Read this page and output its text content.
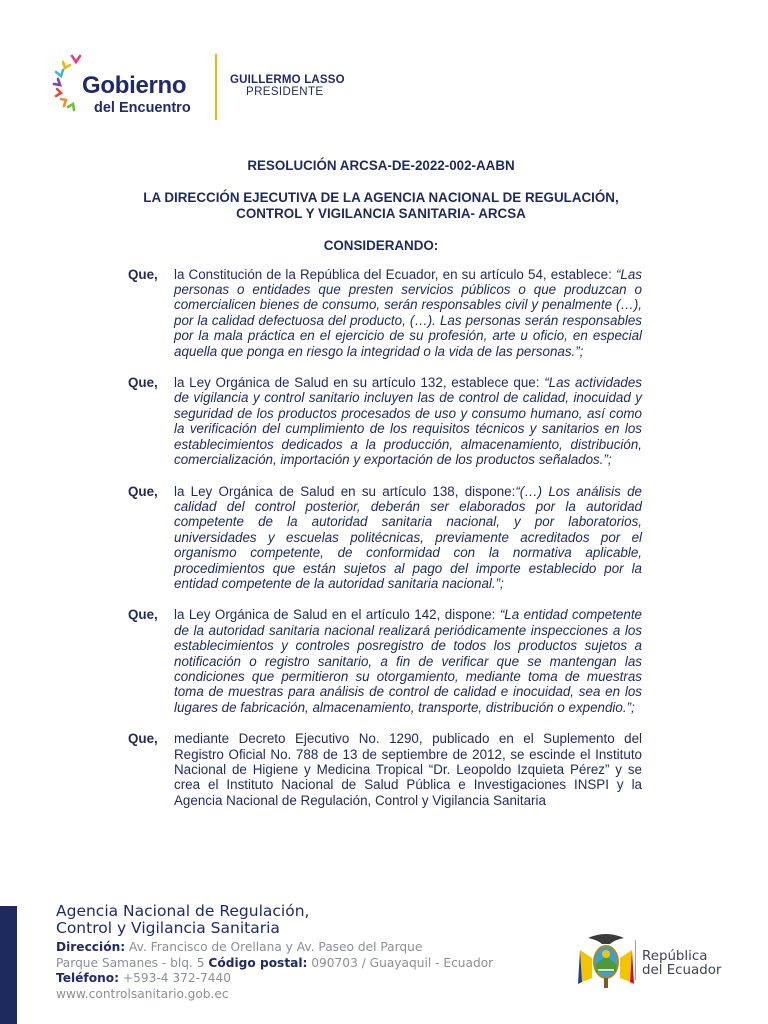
Gobierno
del Encuentro
GUILLERMO LASSO
PRESIDENTE
RESOLUCIÓN ARCSA-DE-2022-002-AABN
LA DIRECCIÓN EJECUTIVA DE LA AGENCIA NACIONAL DE REGULACIÓN, CONTROL Y VIGILANCIA SANITARIA- ARCSA
CONSIDERANDO:
Que, la Constitución de la República del Ecuador, en su artículo 54, establece: “Las personas o entidades que presten servicios públicos o que produzcan o comercialicen bienes de consumo, serán responsables civil y penalmente (…), por la calidad defectuosa del producto, (…). Las personas serán responsables por la mala práctica en el ejercicio de su profesión, arte u oficio, en especial aquella que ponga en riesgo la integridad o la vida de las personas.”;
Que, la Ley Orgánica de Salud en su artículo 132, establece que: “Las actividades de vigilancia y control sanitario incluyen las de control de calidad, inocuidad y seguridad de los productos procesados de uso y consumo humano, así como la verificación del cumplimiento de los requisitos técnicos y sanitarios en los establecimientos dedicados a la producción, almacenamiento, distribución, comercialización, importación y exportación de los productos señalados.”;
Que, la Ley Orgánica de Salud en su artículo 138, dispone:“(…) Los análisis de calidad del control posterior, deberán ser elaborados por la autoridad competente de la autoridad sanitaria nacional, y por laboratorios, universidades y escuelas politécnicas, previamente acreditados por el organismo competente, de conformidad con la normativa aplicable, procedimientos que están sujetos al pago del importe establecido por la entidad competente de la autoridad sanitaria nacional.”;
Que, la Ley Orgánica de Salud en el artículo 142, dispone: “La entidad competente de la autoridad sanitaria nacional realizará periódicamente inspecciones a los establecimientos y controles posregistro de todos los productos sujetos a notificación o registro sanitario, a fin de verificar que se mantengan las condiciones que permitieron su otorgamiento, mediante toma de muestras toma de muestras para análisis de control de calidad e inocuidad, sea en los lugares de fabricación, almacenamiento, transporte, distribución o expendio.”;
Que, mediante Decreto Ejecutivo No. 1290, publicado en el Suplemento del Registro Oficial No. 788 de 13 de septiembre de 2012, se escinde el Instituto Nacional de Higiene y Medicina Tropical “Dr. Leopoldo Izquieta Pérez” y se crea el Instituto Nacional de Salud Pública e Investigaciones INSPI y la Agencia Nacional de Regulación, Control y Vigilancia Sanitaria
Agencia Nacional de Regulación,
Control y Vigilancia Sanitaria
Dirección: Av. Francisco de Orellana y Av. Paseo del Parque
Parque Samanes - blq. 5 Código postal: 090703 / Guayaquil - Ecuador
Teléfono: +593-4 372-7440
www.controlsanitario.gob.ec
República
del Ecuador
